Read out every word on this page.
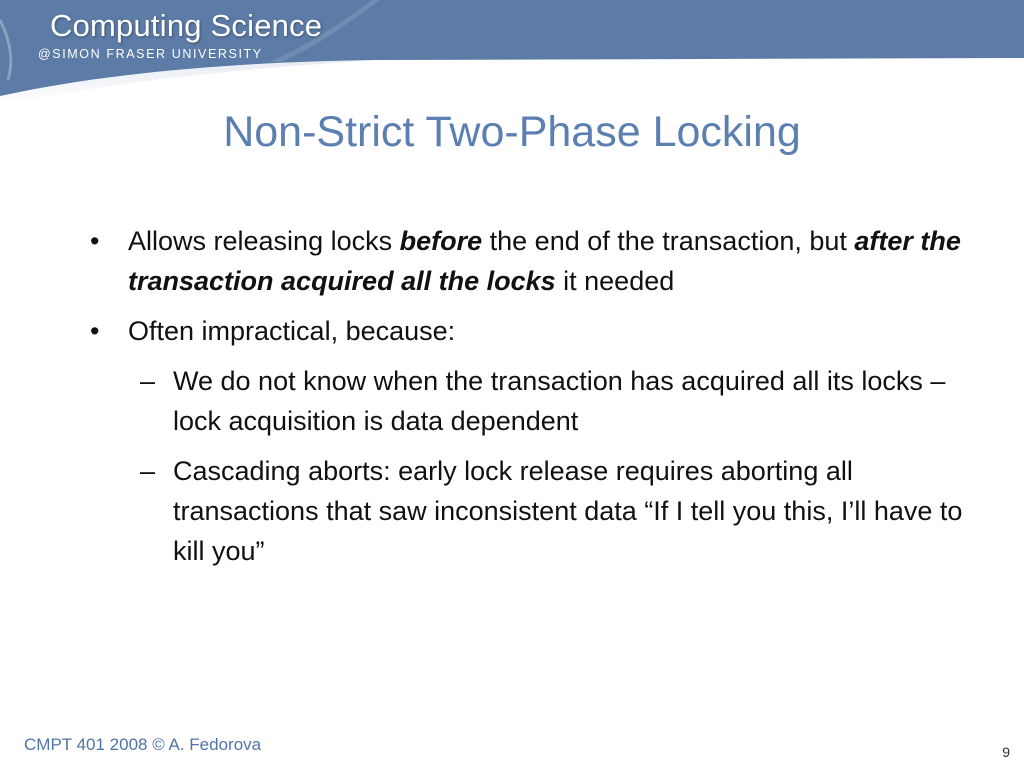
Computing Science
@SIMON FRASER UNIVERSITY
Non-Strict Two-Phase Locking
• Allows releasing locks before the end of the transaction, but after the transaction acquired all the locks it needed
• Often impractical, because:
– We do not know when the transaction has acquired all its locks – lock acquisition is data dependent
– Cascading aborts: early lock release requires aborting all transactions that saw inconsistent data “If I tell you this, I’ll have to kill you”
CMPT 401 2008 © A. Fedorova	9
